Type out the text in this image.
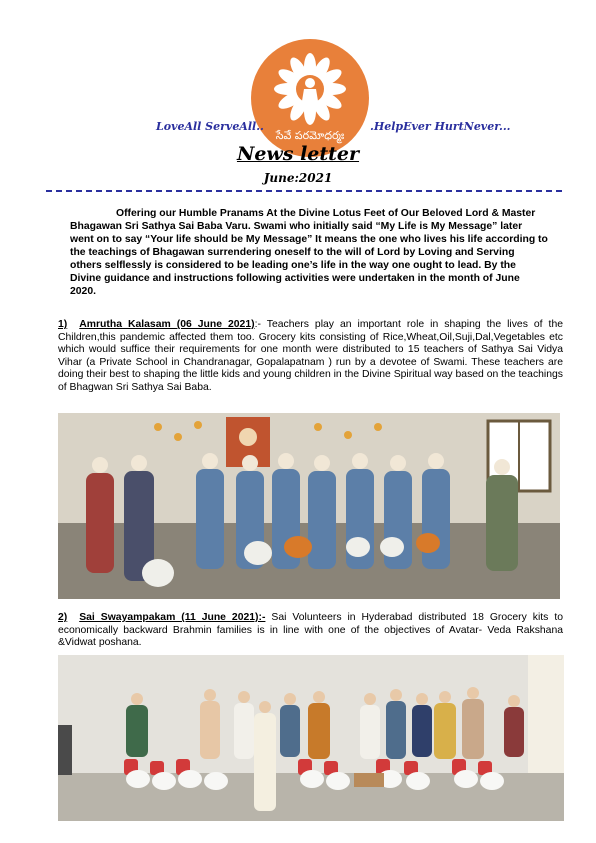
సేవే పరమోధర్మః
LoveAll ServeAll..	.HelpEver HurtNever...
News letter
June:2021

Offering our Humble Pranams At the Divine Lotus Feet of Our Beloved Lord & Master Bhagawan Sri Sathya Sai Baba Varu. Swami who initially said “My Life is My Message” later went on to say “Your life should be My Message” It means the one who lives his life according to the teachings of Bhagawan surrendering oneself to the will of Lord by Loving and Serving others selflessly is considered to be leading one’s life in the way one ought to lead. By the Divine guidance and instructions following activities were undertaken in the month of June 2020.

1) Amrutha Kalasam (06 June 2021):- Teachers play an important role in shaping the lives of the Children,this pandemic affected them too. Grocery kits consisting of Rice,Wheat,Oil,Suji,Dal,Vegetables etc which would suffice their requirements for one month were distributed to 15 teachers of Sathya Sai Vidya Vihar (a Private School in Chandranagar, Gopalapatnam ) run by a devotee of Swami. These teachers are doing their best to shaping the little kids and young children in the Divine Spiritual way based on the teachings of Bhagwan Sri Sathya Sai Baba.

2) Sai Swayampakam (11 June 2021):- Sai Volunteers in Hyderabad distributed 18 Grocery kits to economically backward Brahmin families is in line with one of the objectives of Avatar- Veda Rakshana &Vidwat poshana.
